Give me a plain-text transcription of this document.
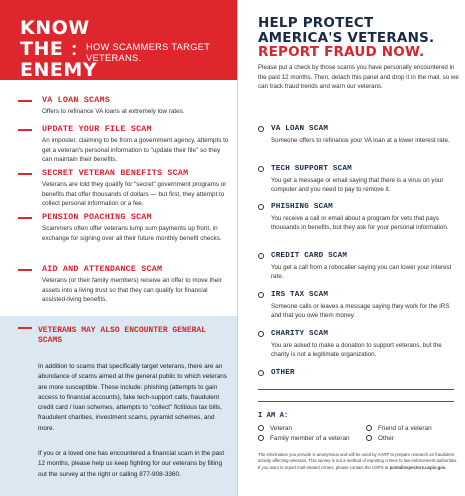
KNOW THE
ENEMY
: HOW SCAMMERS TARGET VETERANS.
VA LOAN SCAMS
Offers to refinance VA loans at extremely low rates.
UPDATE YOUR FILE SCAM
An imposter, claiming to be from a government agency, attempts to get a veteran's personal information to "update their file" so they can maintain their benefits.
SECRET VETERAN BENEFITS SCAM
Veterans are told they qualify for "secret" government programs or benefits that offer thousands of dollars — but first, they attempt to collect personal information or a fee.
PENSION POACHING SCAM
Scammers often offer veterans lump sum payments up front, in exchange for signing over all their future monthly benefit checks.
AID AND ATTENDANCE SCAM
Veterans (or their family members) receive an offer to move their assets into a living trust so that they can qualify for financial assisted-living benefits.
VETERANS MAY ALSO ENCOUNTER GENERAL SCAMS
In addition to scams that specifically target veterans, there are an abundance of scams aimed at the general public to which veterans are more susceptible. These include: phishing (attempts to gain access to financial accounts), fake tech-support calls, fraudulent credit card / loan schemes, attempts to "collect" fictitious tax bills, fraudulent charities, investment scams, pyramid schemes, and more.
If you or a loved one has encountered a financial scam in the past 12 months, please help us keep fighting for our veterans by filling out the survey at the right or calling 877-908-3360.
HELP PROTECT AMERICA'S VETERANS. REPORT FRAUD NOW.
Please put a check by those scams you have personally encountered in the past 12 months. Then, detach this panel and drop it in the mail, so we can track fraud trends and warn our veterans.
VA LOAN SCAM
Someone offers to refinance your VA loan at a lower interest rate.
TECH SUPPORT SCAM
You get a message or email saying that there is a virus on your computer and you need to pay to remove it.
PHISHING SCAM
You receive a call or email about a program for vets that pays thousands in benefits, but they ask for your personal information.
CREDIT CARD SCAM
You get a call from a robocaller saying you can lower your interest rate.
IRS TAX SCAM
Someone calls or leaves a message saying they work for the IRS and that you owe them money.
CHARITY SCAM
You are asked to make a donation to support veterans, but the charity is not a legitimate organization.
OTHER
I AM A:
Veteran	Friend of a veteran
Family member of a veteran	Other
The information you provide is anonymous and will be used by AARP to prepare research on fraudulent activity affecting veterans. This survey is not a method of reporting crimes to law enforcement authorities. If you want to report mail-related crimes, please contact the USPS at postalinspectors.uspis.gov.
